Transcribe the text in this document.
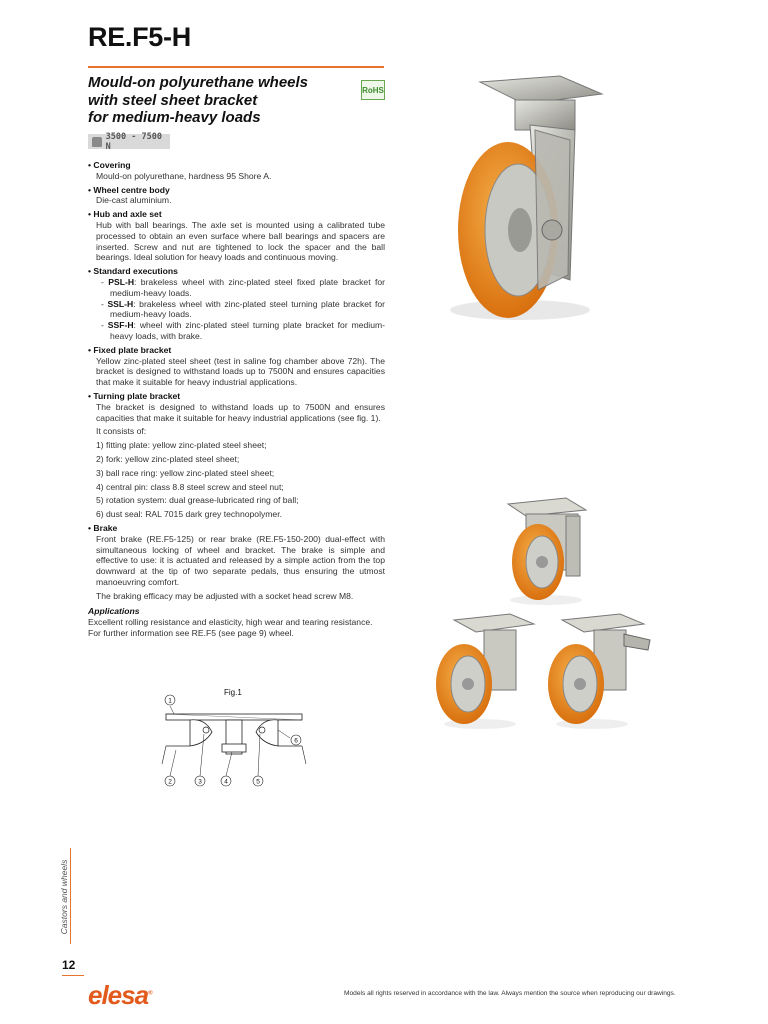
RE.F5-H
Mould-on polyurethane wheels
with steel sheet bracket
for medium-heavy loads
RoHS
3500 - 7500 N
• Covering
Mould-on polyurethane, hardness 95 Shore A.
• Wheel centre body
Die-cast aluminium.
• Hub and axle set
Hub with ball bearings. The axle set is mounted using a calibrated tube processed to obtain an even surface where ball bearings and spacers are inserted. Screw and nut are tightened to lock the spacer and the ball bearings. Ideal solution for heavy loads and continuous moving.
• Standard executions
- PSL-H: brakeless wheel with zinc-plated steel fixed plate bracket for medium-heavy loads.
- SSL-H: brakeless wheel with zinc-plated steel turning plate bracket for medium-heavy loads.
- SSF-H: wheel with zinc-plated steel turning plate bracket for medium-heavy loads, with brake.
• Fixed plate bracket
Yellow zinc-plated steel sheet (test in saline fog chamber above 72h). The bracket is designed to withstand loads up to 7500N and ensures capacities that make it suitable for heavy industrial applications.
• Turning plate bracket
The bracket is designed to withstand loads up to 7500N and ensures capacities that make it suitable for heavy industrial applications (see fig. 1).
It consists of:
1) fitting plate: yellow zinc-plated steel sheet;
2) fork: yellow zinc-plated steel sheet;
3) ball race ring: yellow zinc-plated steel sheet;
4) central pin: class 8.8 steel screw and steel nut;
5) rotation system: dual grease-lubricated ring of ball;
6) dust seal: RAL 7015 dark grey technopolymer.
• Brake
Front brake (RE.F5-125) or rear brake (RE.F5-150-200) dual-effect with simultaneous locking of wheel and bracket. The brake is simple and effective to use: it is actuated and released by a simple action from the top downward at the tip of two separate pedals, thus ensuring the utmost manoeuvring comfort.
The braking efficacy may be adjusted with a socket head screw M8.
Applications
Excellent rolling resistance and elasticity, high wear and tearing resistance. For further information see RE.F5 (see page 9) wheel.
Fig.1
1
2	3	4	5
6
Castors and wheels
12
elesa®	Models all rights reserved in accordance with the law. Always mention the source when reproducing our drawings.
